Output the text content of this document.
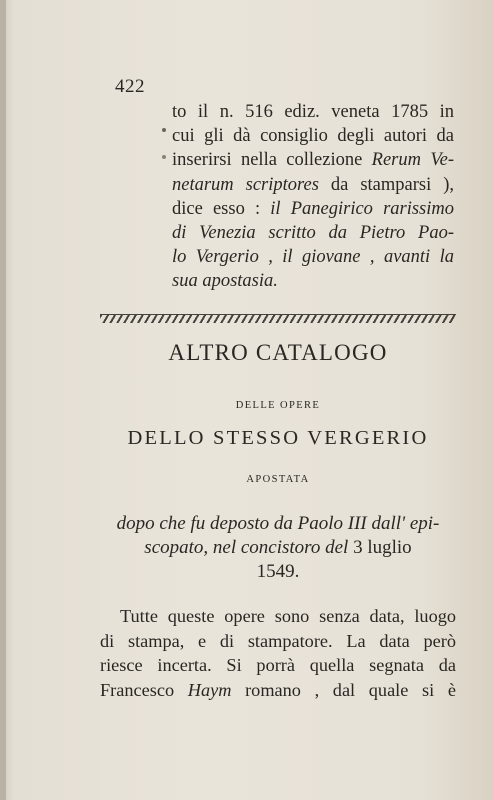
422
to il n. 516 ediz. veneta 1785 in
cui gli dà consiglio degli autori da
inserirsi nella collezione Rerum Ve-
netarum scriptores da stamparsi ),
dice esso : il Panegirico rarissimo
di Venezia scritto da Pietro Pao-
lo Vergerio , il giovane , avanti la
sua apostasia.
ALTRO CATALOGO
DELLE OPERE
DELLO STESSO VERGERIO
APOSTATA
dopo che fu deposto da Paolo III dall' epi-
scopato, nel concistoro del 3 luglio
1549.
Tutte queste opere sono senza data, luogo
di stampa, e di stampatore. La data però
riesce incerta. Si porrà quella segnata da
Francesco Haym romano , dal quale si è
